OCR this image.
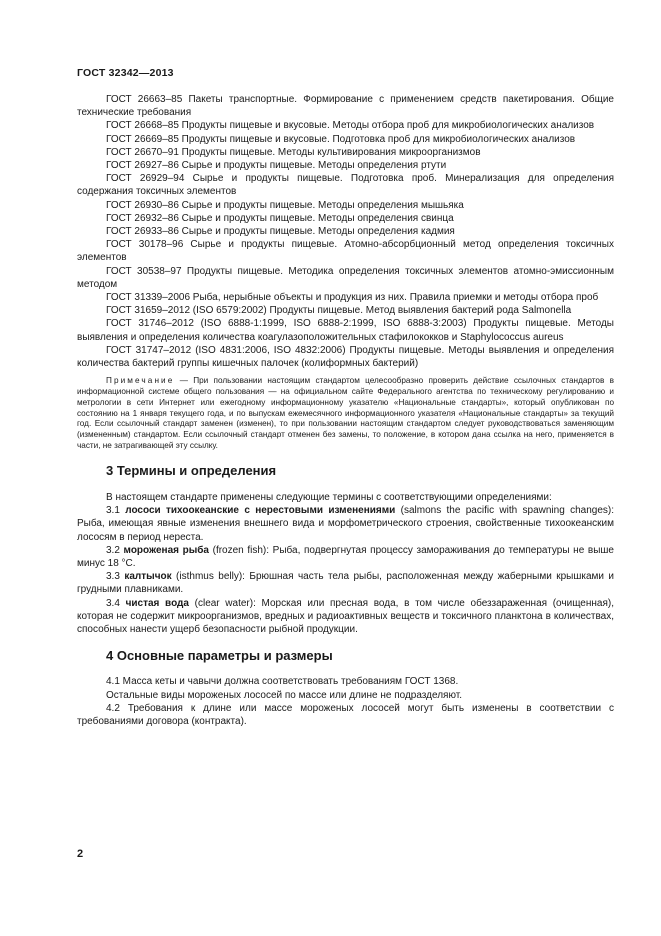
ГОСТ 32342—2013

ГОСТ 26663–85 Пакеты транспортные. Формирование с применением средств пакетирования. Общие технические требования

ГОСТ 26668–85 Продукты пищевые и вкусовые. Методы отбора проб для микробиологических анализов

ГОСТ 26669–85 Продукты пищевые и вкусовые. Подготовка проб для микробиологических анализов

ГОСТ 26670–91 Продукты пищевые. Методы культивирования микроорганизмов

ГОСТ 26927–86 Сырье и продукты пищевые. Методы определения ртути

ГОСТ 26929–94 Сырье и продукты пищевые. Подготовка проб. Минерализация для определения содержания токсичных элементов

ГОСТ 26930–86 Сырье и продукты пищевые. Методы определения мышьяка

ГОСТ 26932–86 Сырье и продукты пищевые. Методы определения свинца

ГОСТ 26933–86 Сырье и продукты пищевые. Методы определения кадмия

ГОСТ 30178–96 Сырье и продукты пищевые. Атомно-абсорбционный метод определения токсичных элементов

ГОСТ 30538–97 Продукты пищевые. Методика определения токсичных элементов атомно-эмиссионным методом

ГОСТ 31339–2006 Рыба, нерыбные объекты и продукция из них. Правила приемки и методы отбора проб

ГОСТ 31659–2012 (ISO 6579:2002) Продукты пищевые. Метод выявления бактерий рода Salmonella

ГОСТ 31746–2012 (ISO 6888-1:1999, ISO 6888-2:1999, ISO 6888-3:2003) Продукты пищевые. Методы выявления и определения количества коагулазоположительных стафилококков и Staphylococcus aureus

ГОСТ 31747–2012 (ISO 4831:2006, ISO 4832:2006) Продукты пищевые. Методы выявления и определения количества бактерий группы кишечных палочек (колиформных бактерий)

Примечание — При пользовании настоящим стандартом целесообразно проверить действие ссылочных стандартов в информационной системе общего пользования — на официальном сайте Федерального агентства по техническому регулированию и метрологии в сети Интернет или ежегодному информационному указателю «Национальные стандарты», который опубликован по состоянию на 1 января текущего года, и по выпускам ежемесячного информационного указателя «Национальные стандарты» за текущий год. Если ссылочный стандарт заменен (изменен), то при пользовании настоящим стандартом следует руководствоваться заменяющим (измененным) стандартом. Если ссылочный стандарт отменен без замены, то положение, в котором дана ссылка на него, применяется в части, не затрагивающей эту ссылку.

3 Термины и определения

В настоящем стандарте применены следующие термины с соответствующими определениями:

3.1 лососи тихоокеанские с нерестовыми изменениями (salmons the pacific with spawning changes): Рыба, имеющая явные изменения внешнего вида и морфометрического строения, свойственные тихоокеанским лососям в период нереста.

3.2 мороженая рыба (frozen fish): Рыба, подвергнутая процессу замораживания до температуры не выше минус 18 °С.

3.3 калтычок (isthmus belly): Брюшная часть тела рыбы, расположенная между жаберными крышками и грудными плавниками.

3.4 чистая вода (clear water): Морская или пресная вода, в том числе обеззараженная (очищенная), которая не содержит микроорганизмов, вредных и радиоактивных веществ и токсичного планктона в количествах, способных нанести ущерб безопасности рыбной продукции.

4 Основные параметры и размеры

4.1 Масса кеты и чавычи должна соответствовать требованиям ГОСТ 1368.

Остальные виды мороженых лососей по массе или длине не подразделяют.

4.2 Требования к длине или массе мороженых лососей могут быть изменены в соответствии с требованиями договора (контракта).

2
